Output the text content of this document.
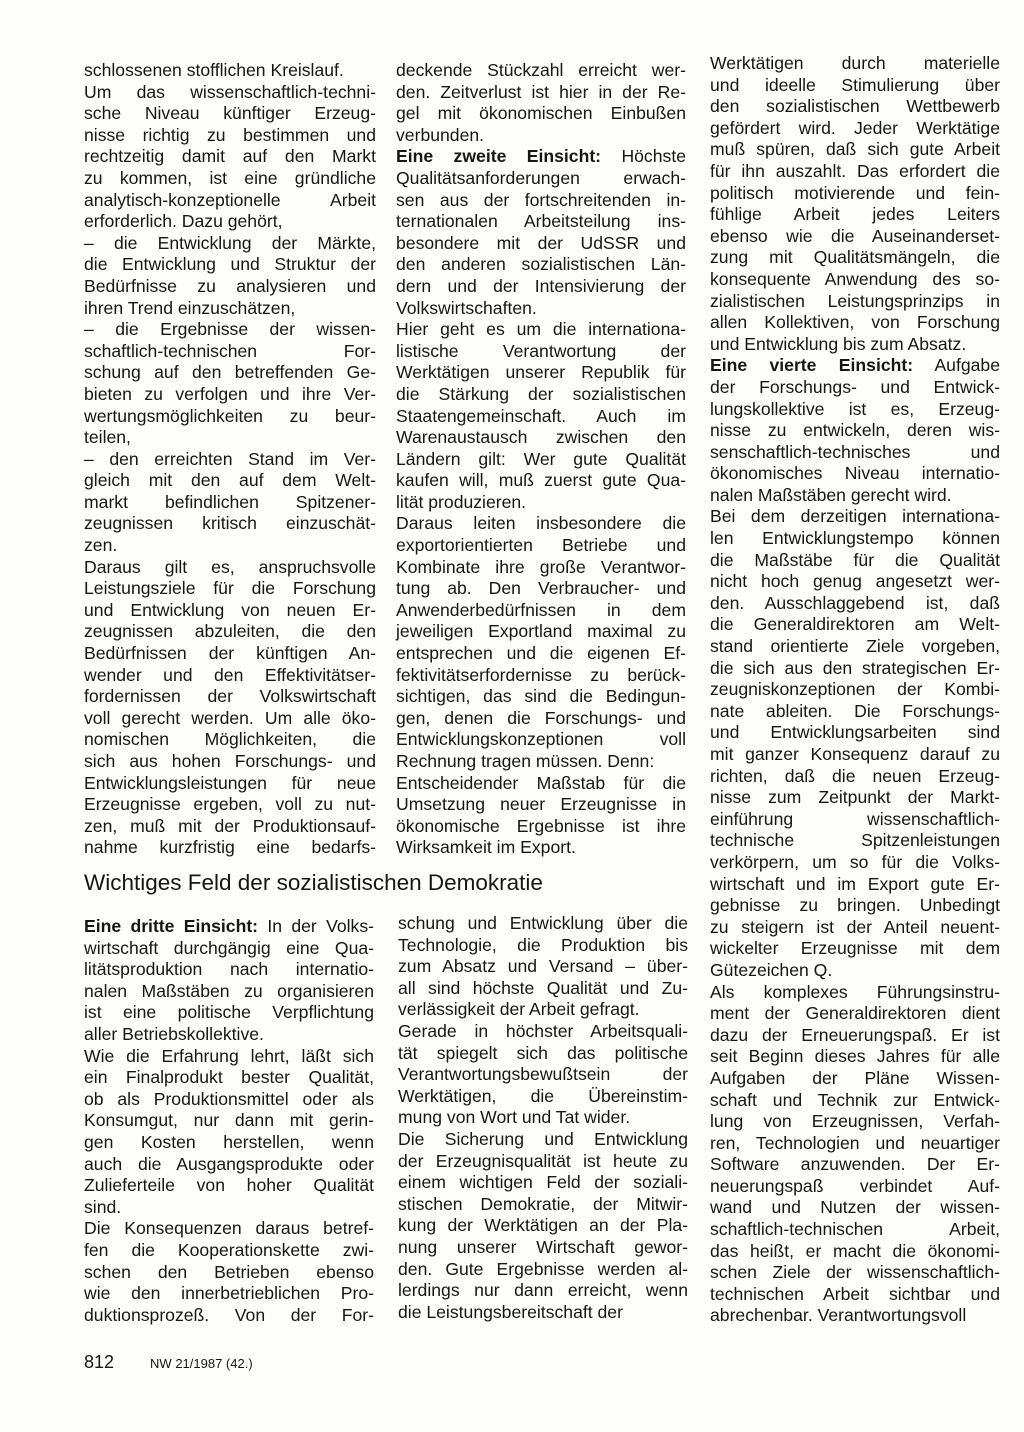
schlossenen stofflichen Kreislauf.
Um das wissenschaftlich-techni-
sche Niveau künftiger Erzeug-
nisse richtig zu bestimmen und
rechtzeitig damit auf den Markt
zu kommen, ist eine gründliche
analytisch-konzeptionelle Arbeit
erforderlich. Dazu gehört,
– die Entwicklung der Märkte,
die Entwicklung und Struktur der
Bedürfnisse zu analysieren und
ihren Trend einzuschätzen,
– die Ergebnisse der wissen-
schaftlich-technischen For-
schung auf den betreffenden Ge-
bieten zu verfolgen und ihre Ver-
wertungsmöglichkeiten zu beur-
teilen,
– den erreichten Stand im Ver-
gleich mit den auf dem Welt-
markt befindlichen Spitzener-
zeugnissen kritisch einzuschät-
zen.
Daraus gilt es, anspruchsvolle
Leistungsziele für die Forschung
und Entwicklung von neuen Er-
zeugnissen abzuleiten, die den
Bedürfnissen der künftigen An-
wender und den Effektivitätser-
fordernissen der Volkswirtschaft
voll gerecht werden. Um alle öko-
nomischen Möglichkeiten, die
sich aus hohen Forschungs- und
Entwicklungsleistungen für neue
Erzeugnisse ergeben, voll zu nut-
zen, muß mit der Produktionsauf-
nahme kurzfristig eine bedarfs-
deckende Stückzahl erreicht wer-
den. Zeitverlust ist hier in der Re-
gel mit ökonomischen Einbußen
verbunden.
Eine zweite Einsicht: Höchste
Qualitätsanforderungen erwach-
sen aus der fortschreitenden in-
ternationalen Arbeitsteilung ins-
besondere mit der UdSSR und
den anderen sozialistischen Län-
dern und der Intensivierung der
Volkswirtschaften.
Hier geht es um die internationa-
listische Verantwortung der
Werktätigen unserer Republik für
die Stärkung der sozialistischen
Staatengemeinschaft. Auch im
Warenaustausch zwischen den
Ländern gilt: Wer gute Qualität
kaufen will, muß zuerst gute Qua-
lität produzieren.
Daraus leiten insbesondere die
exportorientierten Betriebe und
Kombinate ihre große Verantwor-
tung ab. Den Verbraucher- und
Anwenderbedürfnissen in dem
jeweiligen Exportland maximal zu
entsprechen und die eigenen Ef-
fektivitätserfordernisse zu berück-
sichtigen, das sind die Bedingun-
gen, denen die Forschungs- und
Entwicklungskonzeptionen voll
Rechnung tragen müssen. Denn:
Entscheidender Maßstab für die
Umsetzung neuer Erzeugnisse in
ökonomische Ergebnisse ist ihre
Wirksamkeit im Export.
Werktätigen durch materielle
und ideelle Stimulierung über
den sozialistischen Wettbewerb
gefördert wird. Jeder Werktätige
muß spüren, daß sich gute Arbeit
für ihn auszahlt. Das erfordert die
politisch motivierende und fein-
fühlige Arbeit jedes Leiters
ebenso wie die Auseinanderset-
zung mit Qualitätsmängeln, die
konsequente Anwendung des so-
zialistischen Leistungsprinzips in
allen Kollektiven, von Forschung
und Entwicklung bis zum Absatz.
Eine vierte Einsicht: Aufgabe
der Forschungs- und Entwick-
lungskollektive ist es, Erzeug-
nisse zu entwickeln, deren wis-
senschaftlich-technisches und
ökonomisches Niveau internatio-
nalen Maßstäben gerecht wird.
Bei dem derzeitigen internationa-
len Entwicklungstempo können
die Maßstäbe für die Qualität
nicht hoch genug angesetzt wer-
den. Ausschlaggebend ist, daß
die Generaldirektoren am Welt-
stand orientierte Ziele vorgeben,
die sich aus den strategischen Er-
zeugniskonzeptionen der Kombi-
nate ableiten. Die Forschungs-
und Entwicklungsarbeiten sind
mit ganzer Konsequenz darauf zu
richten, daß die neuen Erzeug-
nisse zum Zeitpunkt der Markt-
einführung wissenschaftlich-
technische Spitzenleistungen
verkörpern, um so für die Volks-
wirtschaft und im Export gute Er-
gebnisse zu bringen. Unbedingt
zu steigern ist der Anteil neuent-
wickelter Erzeugnisse mit dem
Gütezeichen Q.
Als komplexes Führungsinstru-
ment der Generaldirektoren dient
dazu der Erneuerungspaß. Er ist
seit Beginn dieses Jahres für alle
Aufgaben der Pläne Wissen-
schaft und Technik zur Entwick-
lung von Erzeugnissen, Verfah-
ren, Technologien und neuartiger
Software anzuwenden. Der Er-
neuerungspaß verbindet Auf-
wand und Nutzen der wissen-
schaftlich-technischen Arbeit,
das heißt, er macht die ökonomi-
schen Ziele der wissenschaftlich-
technischen Arbeit sichtbar und
abrechenbar. Verantwortungsvoll
Wichtiges Feld der sozialistischen Demokratie
Eine dritte Einsicht: In der Volks-
wirtschaft durchgängig eine Qua-
litätsproduktion nach internatio-
nalen Maßstäben zu organisieren
ist eine politische Verpflichtung
aller Betriebskollektive.
Wie die Erfahrung lehrt, läßt sich
ein Finalprodukt bester Qualität,
ob als Produktionsmittel oder als
Konsumgut, nur dann mit gerin-
gen Kosten herstellen, wenn
auch die Ausgangsprodukte oder
Zulieferteile von hoher Qualität
sind.
Die Konsequenzen daraus betref-
fen die Kooperationskette zwi-
schen den Betrieben ebenso
wie den innerbetrieblichen Pro-
duktionsprozeß. Von der For-
schung und Entwicklung über die
Technologie, die Produktion bis
zum Absatz und Versand – über-
all sind höchste Qualität und Zu-
verlässigkeit der Arbeit gefragt.
Gerade in höchster Arbeitsquali-
tät spiegelt sich das politische
Verantwortungsbewußtsein der
Werktätigen, die Übereinstim-
mung von Wort und Tat wider.
Die Sicherung und Entwicklung
der Erzeugnisqualität ist heute zu
einem wichtigen Feld der soziali-
stischen Demokratie, der Mitwir-
kung der Werktätigen an der Pla-
nung unserer Wirtschaft gewor-
den. Gute Ergebnisse werden al-
lerdings nur dann erreicht, wenn
die Leistungsbereitschaft der
812	NW 21/1987 (42.)
